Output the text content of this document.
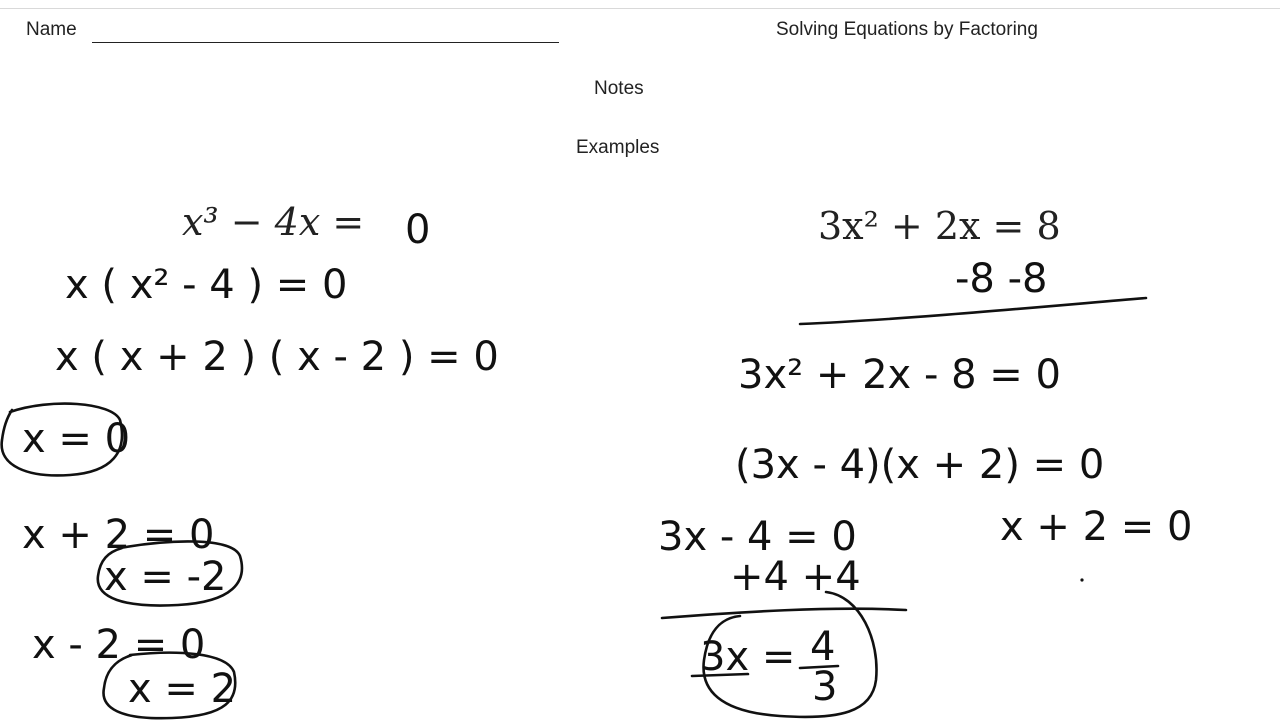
Name	Solving Equations by Factoring
Notes
Examples
x³ − 4x =	3x² + 2x = 8
0
x ( x² - 4 ) = 0
x ( x + 2 ) ( x - 2 ) = 0
x = 0
x + 2 = 0
x = -2
x - 2 = 0
x = 2
-8 -8
3x² + 2x - 8 = 0
(3x - 4)(x + 2) = 0
3x - 4 = 0
+4 +4
3x = 4
3
x + 2 = 0
